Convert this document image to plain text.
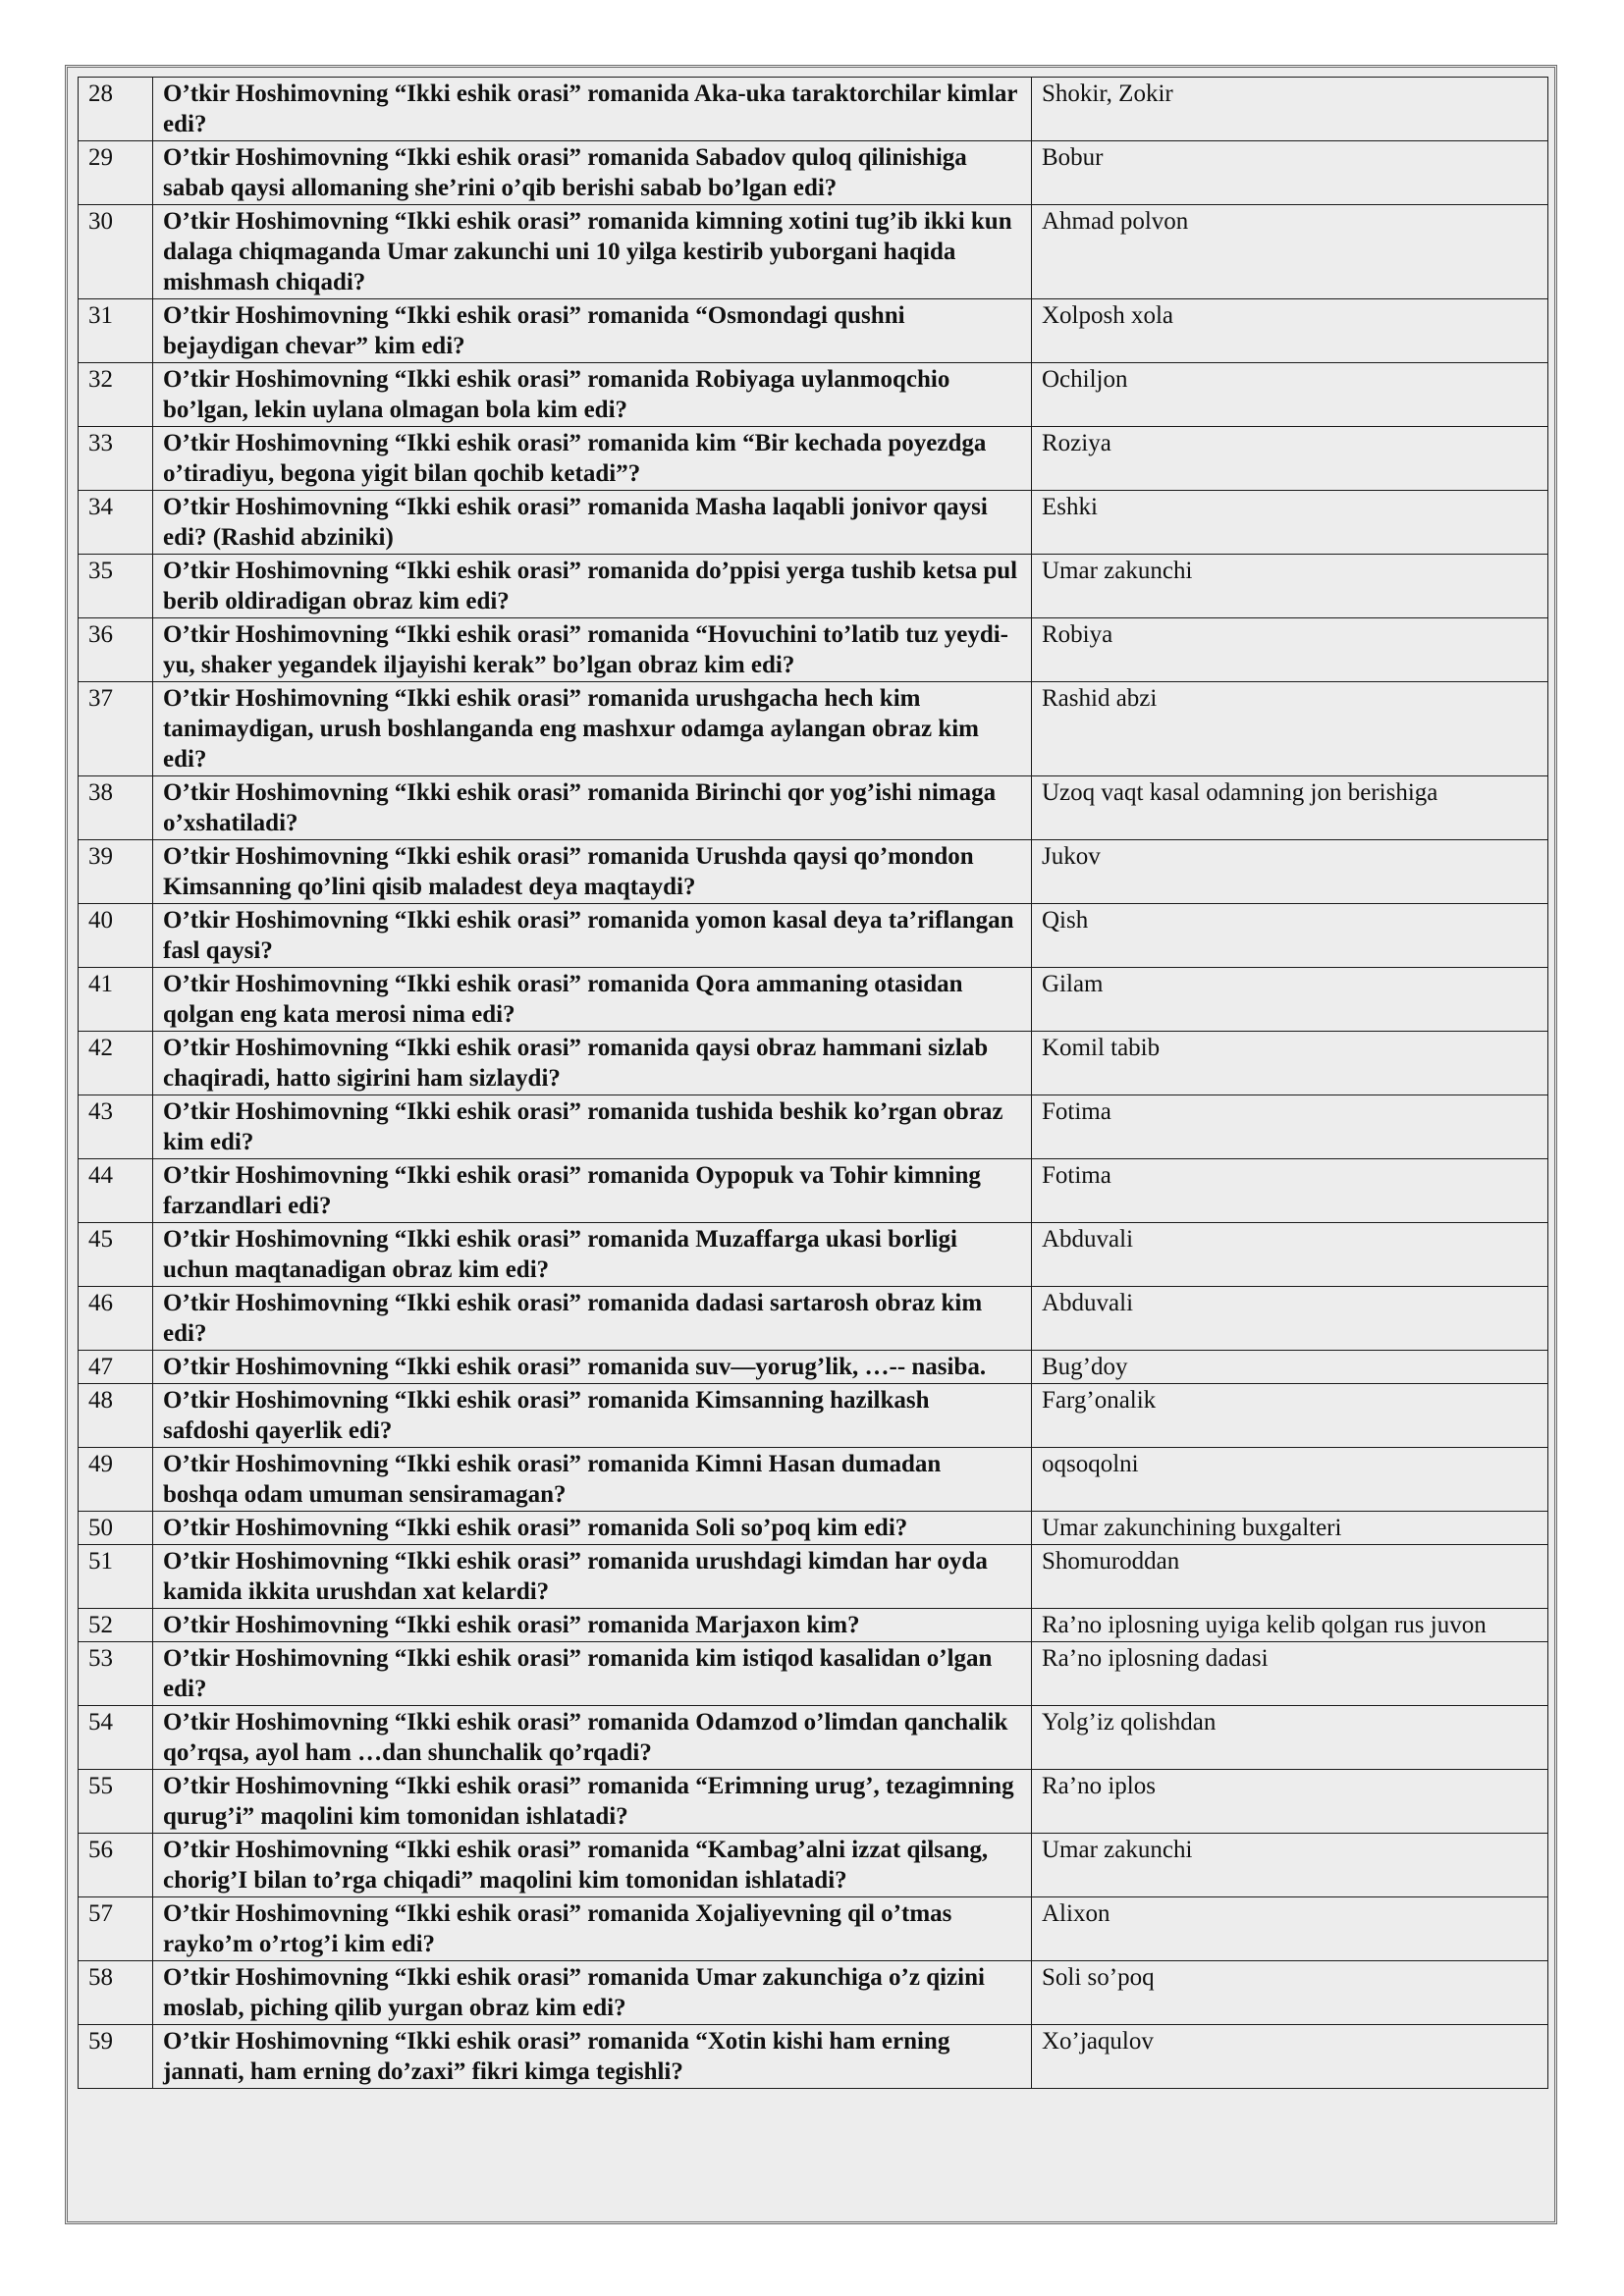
28	O’tkir Hoshimovning “Ikki eshik orasi” romanida Aka-uka taraktorchilar kimlar edi?	Shokir, Zokir
29	O’tkir Hoshimovning “Ikki eshik orasi” romanida Sabadov quloq qilinishiga sabab qaysi allomaning she’rini o’qib berishi sabab bo’lgan edi?	Bobur
30	O’tkir Hoshimovning “Ikki eshik orasi” romanida kimning xotini tug’ib ikki kun dalaga chiqmaganda Umar zakunchi uni 10 yilga kestirib yuborgani haqida mishmash chiqadi?	Ahmad polvon
31	O’tkir Hoshimovning “Ikki eshik orasi” romanida “Osmondagi qushni bejaydigan chevar” kim edi?	Xolposh xola
32	O’tkir Hoshimovning “Ikki eshik orasi” romanida Robiyaga uylanmoqchio bo’lgan, lekin uylana olmagan bola kim edi?	Ochiljon
33	O’tkir Hoshimovning “Ikki eshik orasi” romanida kim “Bir kechada poyezdga o’tiradiyu, begona yigit bilan qochib ketadi”?	Roziya
34	O’tkir Hoshimovning “Ikki eshik orasi” romanida Masha laqabli jonivor qaysi edi? (Rashid abziniki)	Eshki
35	O’tkir Hoshimovning “Ikki eshik orasi” romanida do’ppisi yerga tushib ketsa pul berib oldiradigan obraz kim edi?	Umar zakunchi
36	O’tkir Hoshimovning “Ikki eshik orasi” romanida “Hovuchini to’latib tuz yeydi-yu, shaker yegandek iljayishi kerak” bo’lgan obraz kim edi?	Robiya
37	O’tkir Hoshimovning “Ikki eshik orasi” romanida urushgacha hech kim tanimaydigan, urush boshlanganda eng mashxur odamga aylangan obraz kim edi?	Rashid abzi
38	O’tkir Hoshimovning “Ikki eshik orasi” romanida Birinchi qor yog’ishi nimaga o’xshatiladi?	Uzoq vaqt kasal odamning jon berishiga
39	O’tkir Hoshimovning “Ikki eshik orasi” romanida Urushda qaysi qo’mondon Kimsanning qo’lini qisib maladest deya maqtaydi?	Jukov
40	O’tkir Hoshimovning “Ikki eshik orasi” romanida yomon kasal deya ta’riflangan fasl qaysi?	Qish
41	O’tkir Hoshimovning “Ikki eshik orasi” romanida Qora ammaning otasidan qolgan eng kata merosi nima edi?	Gilam
42	O’tkir Hoshimovning “Ikki eshik orasi” romanida qaysi obraz hammani sizlab chaqiradi, hatto sigirini ham sizlaydi?	Komil tabib
43	O’tkir Hoshimovning “Ikki eshik orasi” romanida tushida beshik ko’rgan obraz kim edi?	Fotima
44	O’tkir Hoshimovning “Ikki eshik orasi” romanida Oypopuk va Tohir kimning farzandlari edi?	Fotima
45	O’tkir Hoshimovning “Ikki eshik orasi” romanida Muzaffarga ukasi borligi uchun maqtanadigan obraz kim edi?	Abduvali
46	O’tkir Hoshimovning “Ikki eshik orasi” romanida dadasi sartarosh obraz kim edi?	Abduvali
47	O’tkir Hoshimovning “Ikki eshik orasi” romanida suv—yorug’lik, …-- nasiba.	Bug’doy
48	O’tkir Hoshimovning “Ikki eshik orasi” romanida Kimsanning hazilkash safdoshi qayerlik edi?	Farg’onalik
49	O’tkir Hoshimovning “Ikki eshik orasi” romanida Kimni Hasan dumadan boshqa odam umuman sensiramagan?	oqsoqolni
50	O’tkir Hoshimovning “Ikki eshik orasi” romanida Soli so’poq kim edi?	Umar zakunchining buxgalteri
51	O’tkir Hoshimovning “Ikki eshik orasi” romanida urushdagi kimdan har oyda kamida ikkita urushdan xat kelardi?	Shomuroddan
52	O’tkir Hoshimovning “Ikki eshik orasi” romanida Marjaxon kim?	Ra’no iplosning uyiga kelib qolgan rus juvon
53	O’tkir Hoshimovning “Ikki eshik orasi” romanida kim istiqod kasalidan o’lgan edi?	Ra’no iplosning dadasi
54	O’tkir Hoshimovning “Ikki eshik orasi” romanida Odamzod o’limdan qanchalik qo’rqsa, ayol ham …dan shunchalik qo’rqadi?	Yolg’iz qolishdan
55	O’tkir Hoshimovning “Ikki eshik orasi” romanida “Erimning urug’, tezagimning qurug’i” maqolini kim tomonidan ishlatadi?	Ra’no iplos
56	O’tkir Hoshimovning “Ikki eshik orasi” romanida “Kambag’alni izzat qilsang, chorig’I bilan to’rga chiqadi” maqolini kim tomonidan ishlatadi?	Umar zakunchi
57	O’tkir Hoshimovning “Ikki eshik orasi” romanida Xojaliyevning qil o’tmas rayko’m o’rtog’i kim edi?	Alixon
58	O’tkir Hoshimovning “Ikki eshik orasi” romanida Umar zakunchiga o’z qizini moslab, piching qilib yurgan obraz kim edi?	Soli so’poq
59	O’tkir Hoshimovning “Ikki eshik orasi” romanida “Xotin kishi ham erning jannati, ham erning do’zaxi” fikri kimga tegishli?	Xo’jaqulov
